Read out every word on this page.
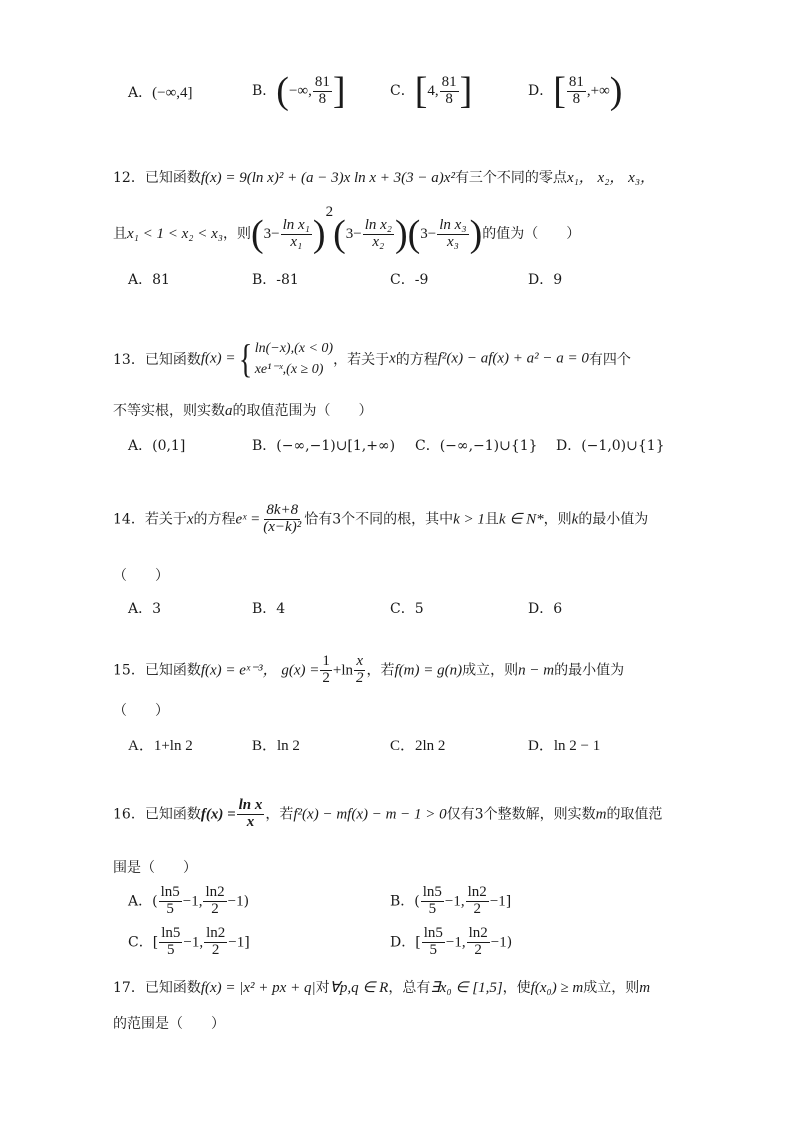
A．(−∞,4]	B．(−∞, $\frac{81}{8}$ ]	C．[4, $\frac{81}{8}$ ]	D．[ $\frac{81}{8}$ ,+∞)
12．已知函数f(x) = 9(ln x)² + (a − 3)x ln x + 3(3 − a)x²有三个不同的零点x₁， x₂， x₃，
且x₁ < 1 < x₂ < x₃，则$(3- \frac{\text{ln x₁}}{\text{x₁}} )^2(3- \frac{\text{ln x₂}}{\text{x₂}} )(3- \frac{\text{ln x₃}}{\text{x₃}}$ )的值为（　　）
A．81	B．-81	C．-9	D．9
13．已知函数f(x) ={ ln(−x),(x < 0)
xe¹⁻ˣ,(x ≥ 0)
，若关于x的方程f²(x) − af(x) + a² − a = 0有四个
不等实根，则实数a的取值范围为（　　）
A．(0,1]	B．(−∞,−1)∪[1,+∞) C．(−∞,−1)∪{1} D．(−1,0)∪{1}
14．若关于x的方程eˣ = $\frac{8k+8}{\text{(x−k)²}}$ 恰有3个不同的根，其中k > 1且k ∈ N*，则k的最小值为
（　　）
A．3	B．4	C．5	D．6
15．已知函数f(x) = eˣ⁻³， $g(x) = \frac{1}{2} +\ln \frac{x}{2}$ ，若f(m) = g(n)成立，则n − m的最小值为
（　　）
A．1+ln 2	B．ln 2	C．2ln 2	D．ln 2 − 1
16．已知函数$f(x) = \frac{\text{ln x}}{x}$ ，若f²(x) − mf(x) − m − 1 > 0仅有3个整数解，则实数m的取值范
围是（　　）
A．( $\frac{\ln 5}{5} -1$, $\frac{\ln 2}{2} -1$)	B．( $\frac{\ln 5}{5} -1$, $\frac{\ln 2}{2} -1$]
C．[ $\frac{\ln 5}{5} -1$, $\frac{\ln 2}{2} -1$]	D．[ $\frac{\ln 5}{5} -1$, $\frac{\ln 2}{2} -1$)
17．已知函数f(x) = |x² + px + q|对∀p,q ∈ R，总有∃x₀ ∈ [1,5]，使f(x₀) ≥ m成立，则m
的范围是（　　）
